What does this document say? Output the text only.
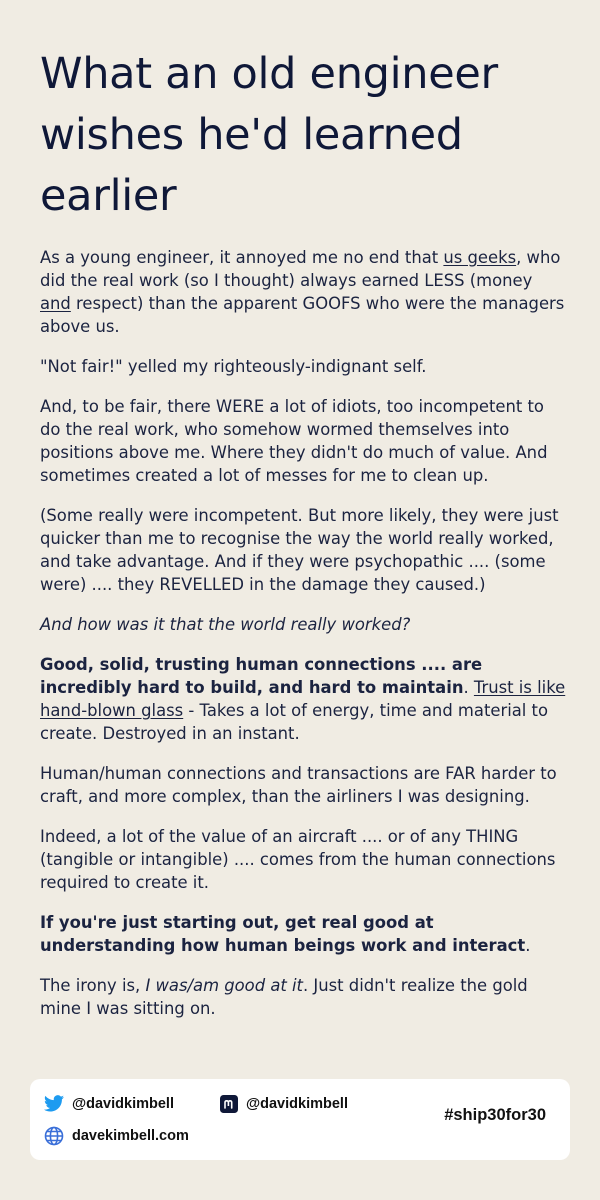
What an old engineer wishes he'd learned earlier

As a young engineer, it annoyed me no end that us geeks, who did the real work (so I thought) always earned LESS (money and respect) than the apparent GOOFS who were the managers above us.

"Not fair!" yelled my righteously-indignant self.

And, to be fair, there WERE a lot of idiots, too incompetent to do the real work, who somehow wormed themselves into positions above me. Where they didn't do much of value. And sometimes created a lot of messes for me to clean up.

(Some really were incompetent. But more likely, they were just quicker than me to recognise the way the world really worked, and take advantage. And if they were psychopathic .... (some were) .... they REVELLED in the damage they caused.)

And how was it that the world really worked?

Good, solid, trusting human connections .... are incredibly hard to build, and hard to maintain. Trust is like hand-blown glass - Takes a lot of energy, time and material to create. Destroyed in an instant.

Human/human connections and transactions are FAR harder to craft, and more complex, than the airliners I was designing.

Indeed, a lot of the value of an aircraft .... or of any THING (tangible or intangible) .... comes from the human connections required to create it.

If you're just starting out, get real good at understanding how human beings work and interact.

The irony is, I was/am good at it. Just didn't realize the gold mine I was sitting on.

@davidkimbell	@davidkimbell
davekimbell.com
#ship30for30
